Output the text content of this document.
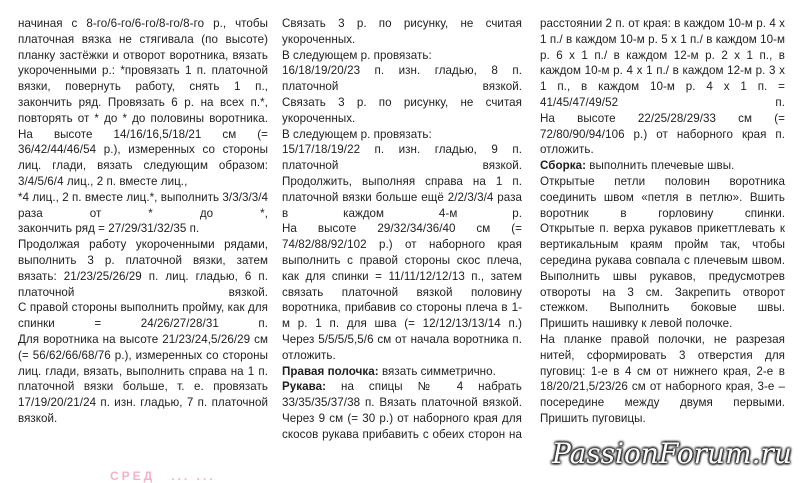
начиная с 8-го/6-го/6-го/8-го/8-го р., чтобы платочная вязка не стягивала (по высоте) планку застёжки и отворот воротника, вязать укороченными р.: *провязать 1 п. платочной вязки, повернуть работу, снять 1 п., закончить ряд. Провязать 6 р. на всех п.*, повторять от * до * до половины воротника.

На высоте 14/16/16,5/18/21 см (= 36/42/44/46/54 р.), измеренных со стороны лиц. глади, вязать следующим образом:

3/4/5/6/4 лиц., 2 п. вместе лиц.,

*4 лиц., 2 п. вместе лиц.*, выполнить 3/3/3/3/4 раза от * до *,

закончить ряд = 27/29/31/32/35 п.

Продолжая работу укороченными рядами, выполнить 3 р. платочной вязки, затем вязать: 21/23/25/26/29 п. лиц. гладью, 6 п. платочной вязкой.

С правой стороны выполнить пройму, как для спинки = 24/26/27/28/31 п.

Для воротника на высоте 21/23/24,5/26/29 см (= 56/62/66/68/76 р.), измеренных со стороны лиц. глади, вязать, выполнить справа на 1 п. платочной вязки больше, т. е. провязать 17/19/20/21/24 п. изн. гладью, 7 п. платочной вязкой.

Связать 3 р. по рисунку, не считая укороченных.

В следующем р. провязать:

16/18/19/20/23 п. изн. гладью, 8 п. платочной вязкой.

Связать 3 р. по рисунку, не считая укороченных.

В следующем р. провязать:

15/17/18/19/22 п. изн. гладью, 9 п. платочной вязкой.

Продолжить, выполняя справа на 1 п. платочной вязки больше ещё 2/2/3/3/4 раза в каждом 4-м р.

На высоте 29/32/34/36/40 см (= 74/82/88/92/102 р.) от наборного края выполнить с правой стороны скос плеча, как для спинки = 11/11/12/12/13 п., затем связать платочной вязкой половину воротника, прибавив со стороны плеча в 1-м р. 1 п. для шва (= 12/12/13/13/14 п.)

Через 5/5/5/5,5/6 см от начала воротника п. отложить.

Правая полочка: вязать симметрично.

Рукава: на спицы № 4 набрать 33/35/35/37/38 п. Вязать платочной вязкой.

Через 9 см (= 30 р.) от наборного края для скосов рукава прибавить с обеих сторон на

расстоянии 2 п. от края: в каждом 10-м р. 4 х 1 п./ в каждом 10-м р. 5 х 1 п./ в каждом 10-м р. 6 х 1 п./ в каждом 12-м р. 2 х 1 п., в каждом 10-м р. 4 х 1 п./ в каждом 12-м р. 3 х 1 п., в каждом 10-м р. 4 х 1 п. = 41/45/47/49/52 п.

На высоте 22/25/28/29/33 см (= 72/80/90/94/106 р.) от наборного края п. отложить.

Сборка: выполнить плечевые швы.

Открытые петли половин воротника соединить швом «петля в петлю». Вшить воротник в горловину спинки.

Открытые п. верха рукавов прикеттлевать к вертикальным краям пройм так, чтобы середина рукава совпала с плечевым швом. Выполнить швы рукавов, предусмотрев отвороты на 3 см. Закрепить отворот стежком. Выполнить боковые швы.

Пришить нашивку к левой полочке.

На планке правой полочки, не разрезая нитей, сформировать 3 отверстия для пуговиц: 1-е в 4 см от нижнего края, 2-е в 18/20/21,5/23/26 см от наборного края, 3-е – посередине между двумя первыми.

Пришить пуговицы.

СРЕД ... ...
PassionForum.ru
